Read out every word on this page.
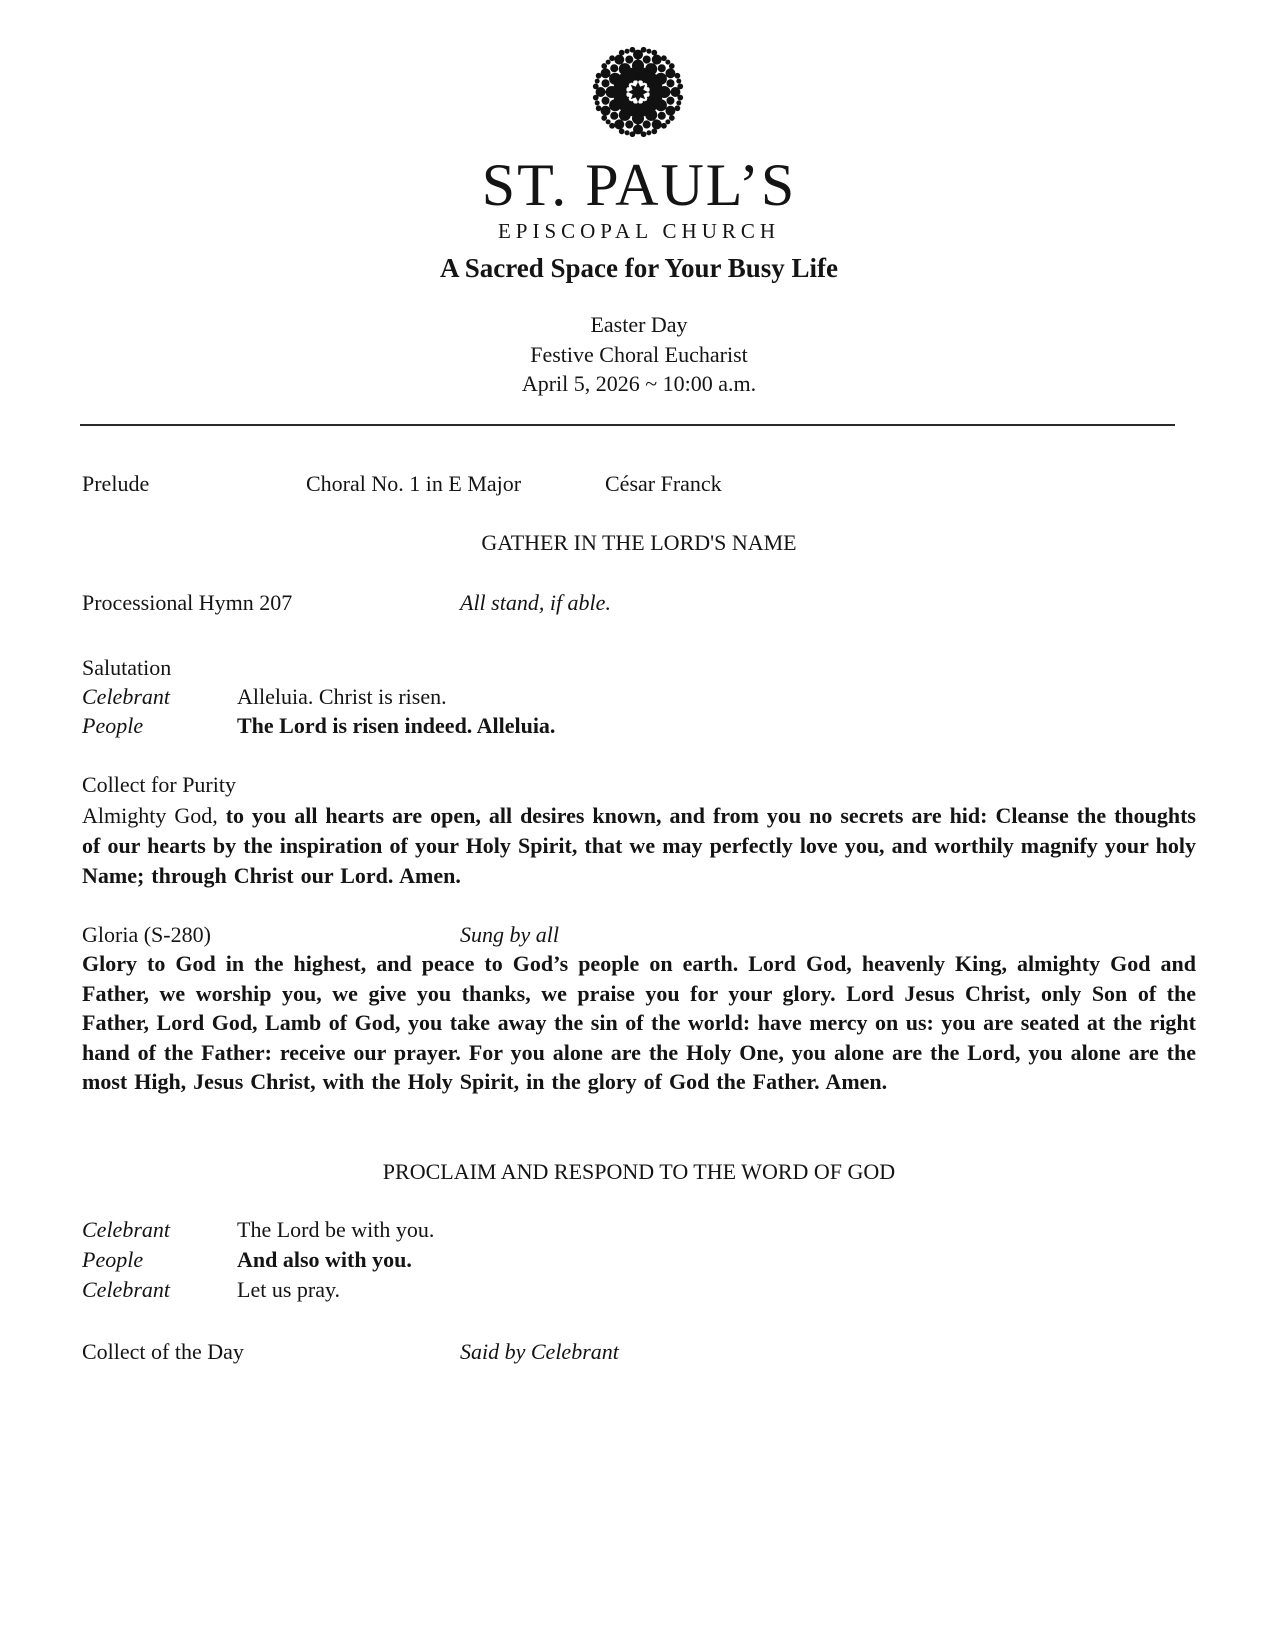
ST. PAUL’S
EPISCOPAL CHURCH
A Sacred Space for Your Busy Life
Easter Day
Festive Choral Eucharist
April 5, 2026 ~ 10:00 a.m.
Prelude	Choral No. 1 in E Major	César Franck
GATHER IN THE LORD'S NAME
Processional Hymn 207	All stand, if able.
Salutation
Celebrant	Alleluia. Christ is risen.
People	The Lord is risen indeed. Alleluia.
Collect for Purity
Almighty God, to you all hearts are open, all desires known, and from you no secrets are hid: Cleanse the thoughts of our hearts by the inspiration of your Holy Spirit, that we may perfectly love you, and worthily magnify your holy Name; through Christ our Lord. Amen.
Gloria (S-280)	Sung by all
Glory to God in the highest, and peace to God’s people on earth. Lord God, heavenly King, almighty God and Father, we worship you, we give you thanks, we praise you for your glory. Lord Jesus Christ, only Son of the Father, Lord God, Lamb of God, you take away the sin of the world: have mercy on us: you are seated at the right hand of the Father: receive our prayer. For you alone are the Holy One, you alone are the Lord, you alone are the most High, Jesus Christ, with the Holy Spirit, in the glory of God the Father. Amen.
PROCLAIM AND RESPOND TO THE WORD OF GOD
Celebrant	The Lord be with you.
People	And also with you.
Celebrant	Let us pray.
Collect of the Day	Said by Celebrant
